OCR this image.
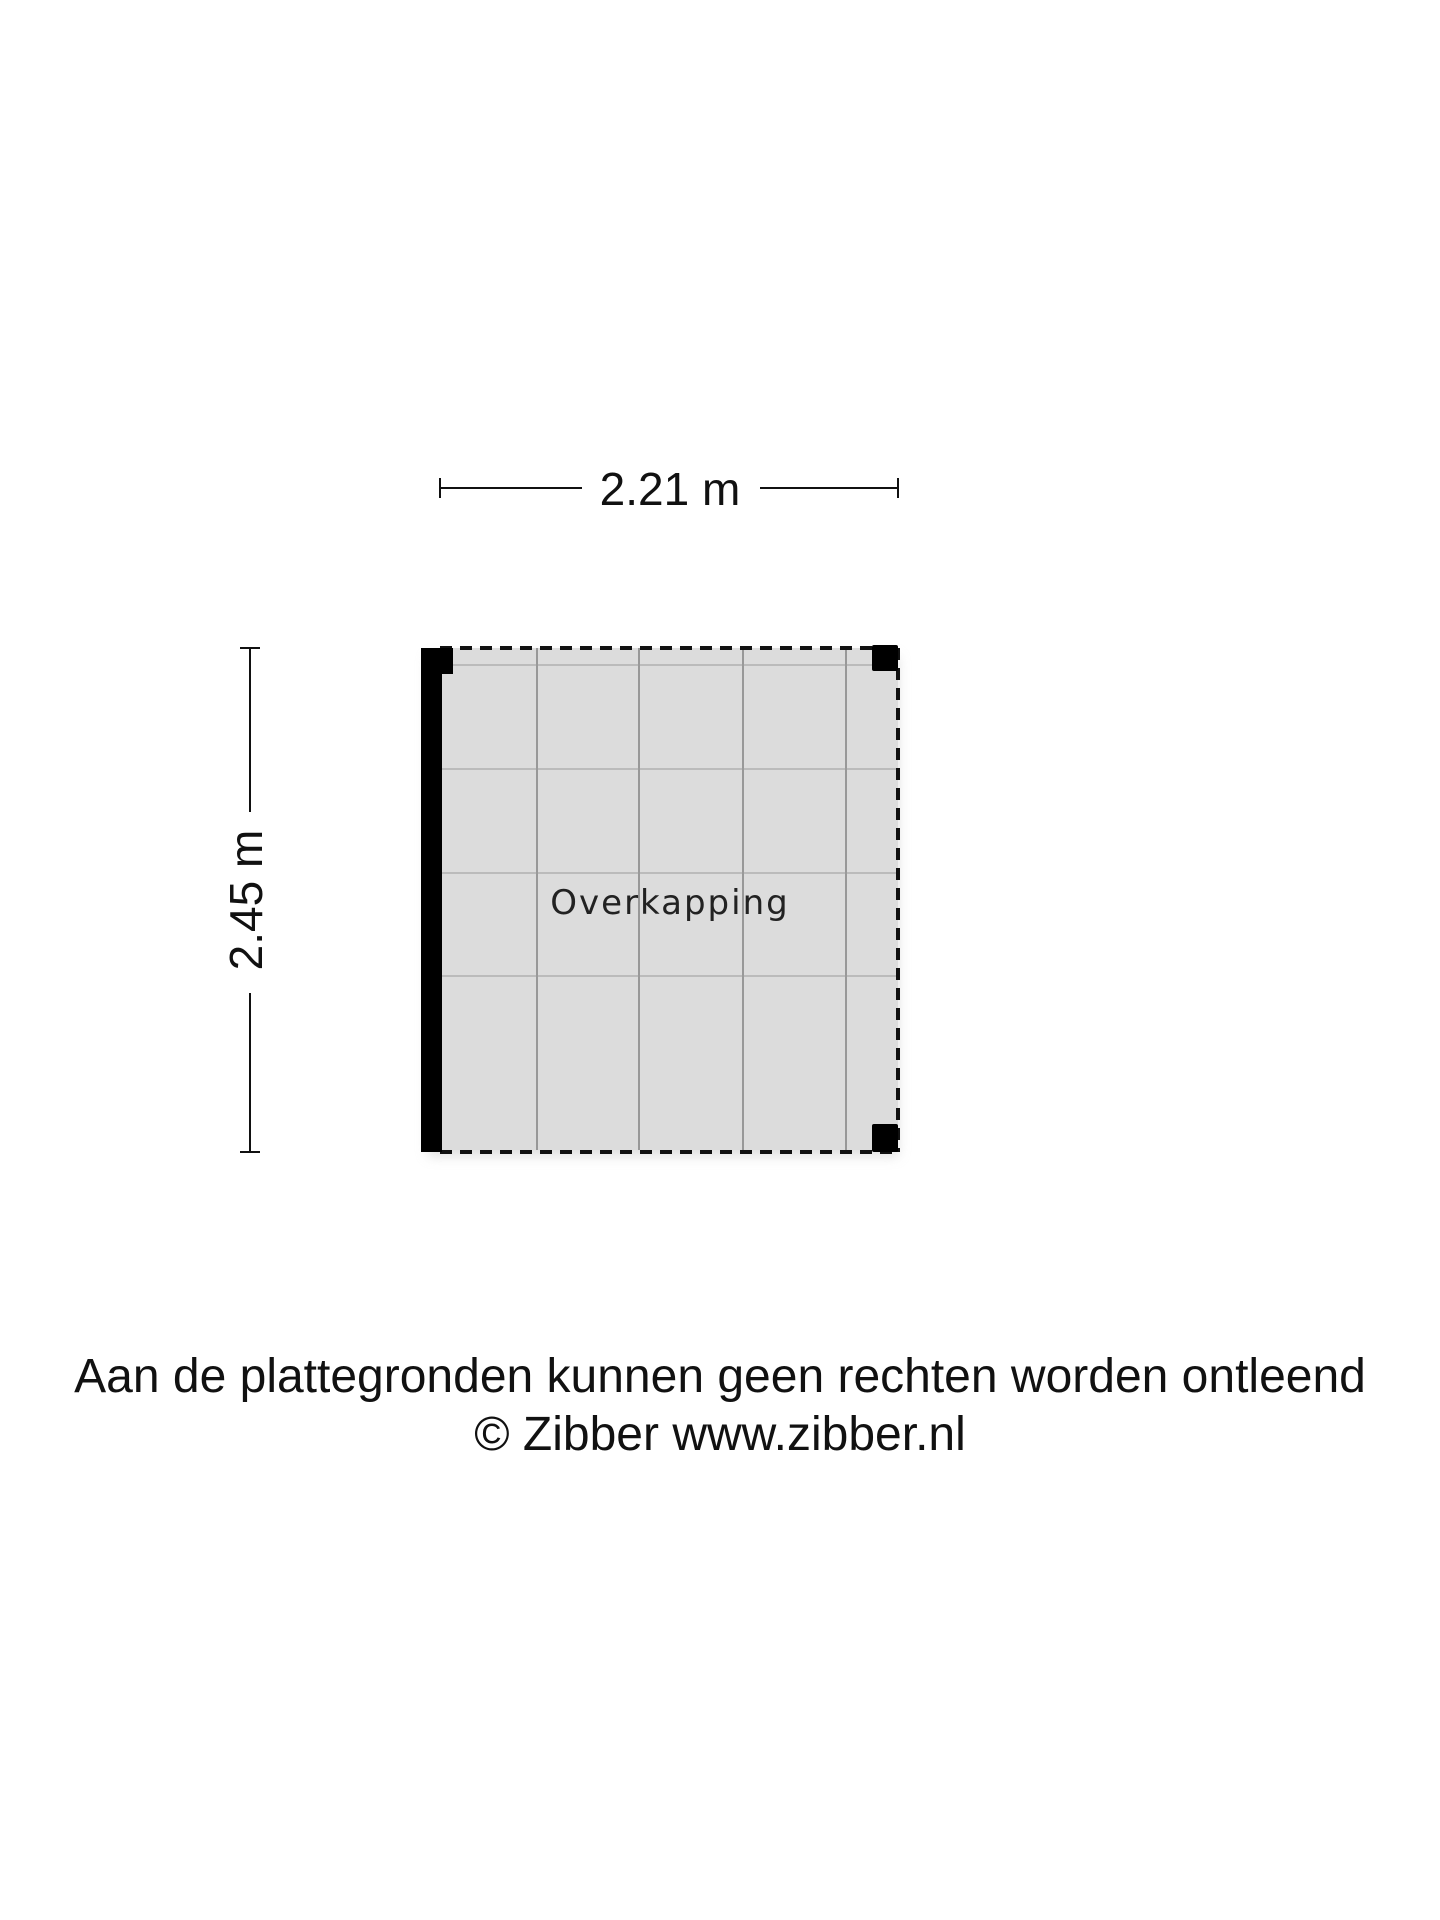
2.21 m
2.45 m	Overkapping
Aan de plattegronden kunnen geen rechten worden ontleend
© Zibber www.zibber.nl
